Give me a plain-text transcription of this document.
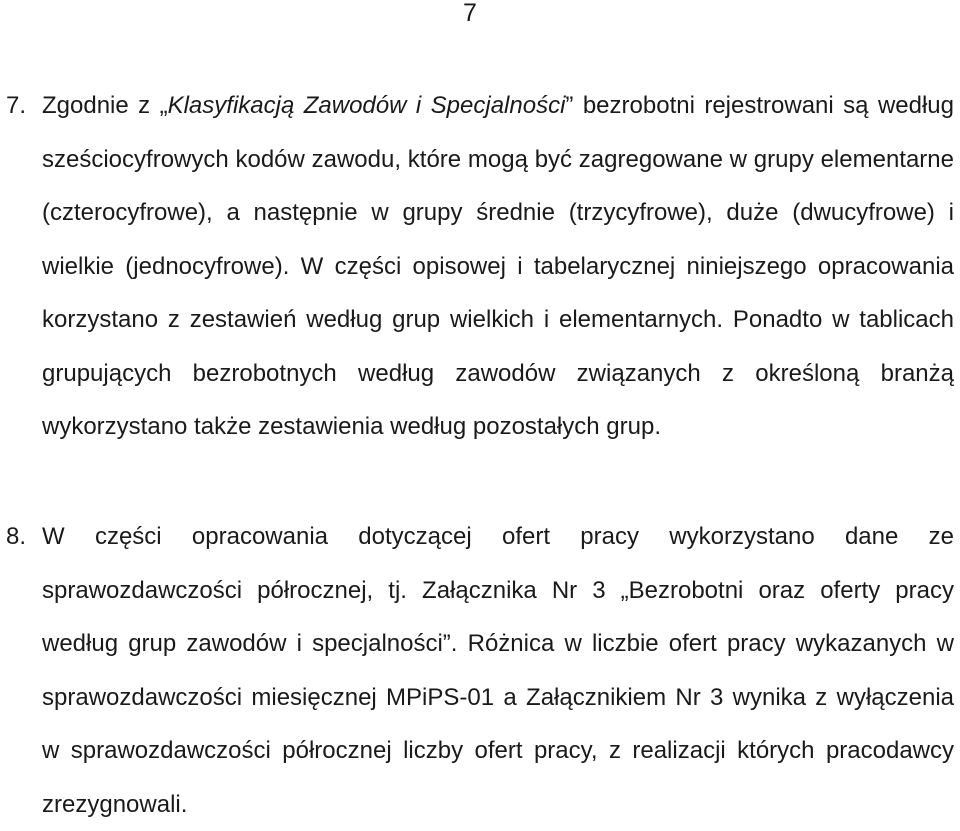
7

7. Zgodnie z „Klasyfikacją Zawodów i Specjalności” bezrobotni rejestrowani są według sześciocyfrowych kodów zawodu, które mogą być zagregowane w grupy elementarne (czterocyfrowe), a następnie w grupy średnie (trzycyfrowe), duże (dwucyfrowe) i wielkie (jednocyfrowe). W części opisowej i tabelarycznej niniejszego opracowania korzystano z zestawień według grup wielkich i elementarnych. Ponadto w tablicach grupujących bezrobotnych według zawodów związanych z określoną branżą wykorzystano także zestawienia według pozostałych grup.

8. W części opracowania dotyczącej ofert pracy wykorzystano dane ze sprawozdawczości półrocznej, tj. Załącznika Nr 3 „Bezrobotni oraz oferty pracy według grup zawodów i specjalności”. Różnica w liczbie ofert pracy wykazanych w sprawozdawczości miesięcznej MPiPS-01 a Załącznikiem Nr 3 wynika z wyłączenia w sprawozdawczości półrocznej liczby ofert pracy, z realizacji których pracodawcy zrezygnowali.
